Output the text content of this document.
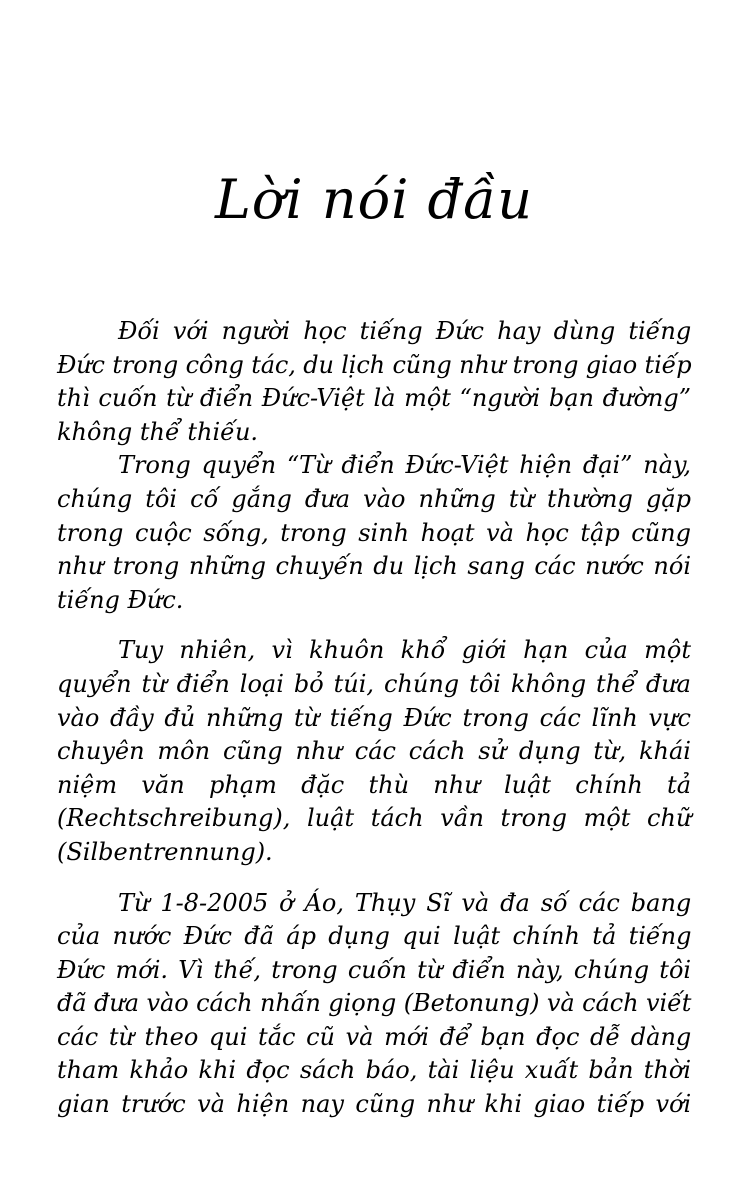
Lời nói đầu
Đối với người học tiếng Đức hay dùng tiếng
Đức trong công tác, du lịch cũng như trong giao tiếp
thì cuốn từ điển Đức-Việt là một “người bạn đường”
không thể thiếu.
Trong quyển “Từ điển Đức-Việt hiện đại” này,
chúng tôi cố gắng đưa vào những từ thường gặp
trong cuộc sống, trong sinh hoạt và học tập cũng
như trong những chuyến du lịch sang các nước nói
tiếng Đức.
Tuy nhiên, vì khuôn khổ giới hạn của một
quyển từ điển loại bỏ túi, chúng tôi không thể đưa
vào đầy đủ những từ tiếng Đức trong các lĩnh vực
chuyên môn cũng như các cách sử dụng từ, khái
niệm văn phạm đặc thù như luật chính tả
(Rechtschreibung), luật tách vần trong một chữ
(Silbentrennung).
Từ 1-8-2005 ở Áo, Thụy Sĩ và đa số các bang
của nước Đức đã áp dụng qui luật chính tả tiếng
Đức mới. Vì thế, trong cuốn từ điển này, chúng tôi
đã đưa vào cách nhấn giọng (Betonung) và cách viết
các từ theo qui tắc cũ và mới để bạn đọc dễ dàng
tham khảo khi đọc sách báo, tài liệu xuất bản thời
gian trước và hiện nay cũng như khi giao tiếp với
